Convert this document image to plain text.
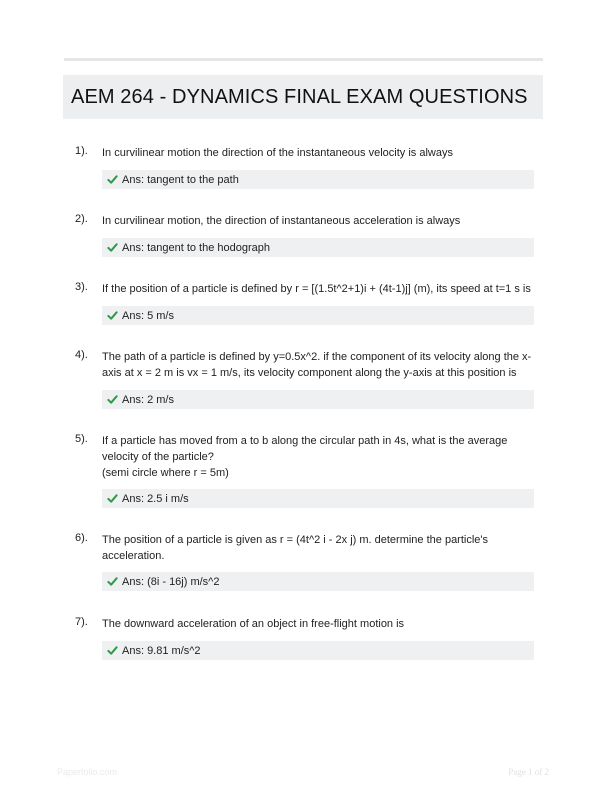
AEM 264 - DYNAMICS FINAL EXAM QUESTIONS
1). In curvilinear motion the direction of the instantaneous velocity is always
Ans: tangent to the path
2). In curvilinear motion, the direction of instantaneous acceleration is always
Ans: tangent to the hodograph
3). If the position of a particle is defined by r = [(1.5t^2+1)i + (4t-1)j] (m), its speed at t=1 s is
Ans: 5 m/s
4). The path of a particle is defined by y=0.5x^2. if the component of its velocity along the x-axis at x = 2 m is vx = 1 m/s, its velocity component along the y-axis at this position is
Ans: 2 m/s
5). If a particle has moved from a to b along the circular path in 4s, what is the average velocity of the particle?
(semi circle where r = 5m)
Ans: 2.5 i m/s
6). The position of a particle is given as r = (4t^2 i - 2x j) m. determine the particle's acceleration.
Ans: (8i - 16j) m/s^2
7). The downward acceleration of an object in free-flight motion is
Ans: 9.81 m/s^2
Paperfolio.com	Page 1 of 2
